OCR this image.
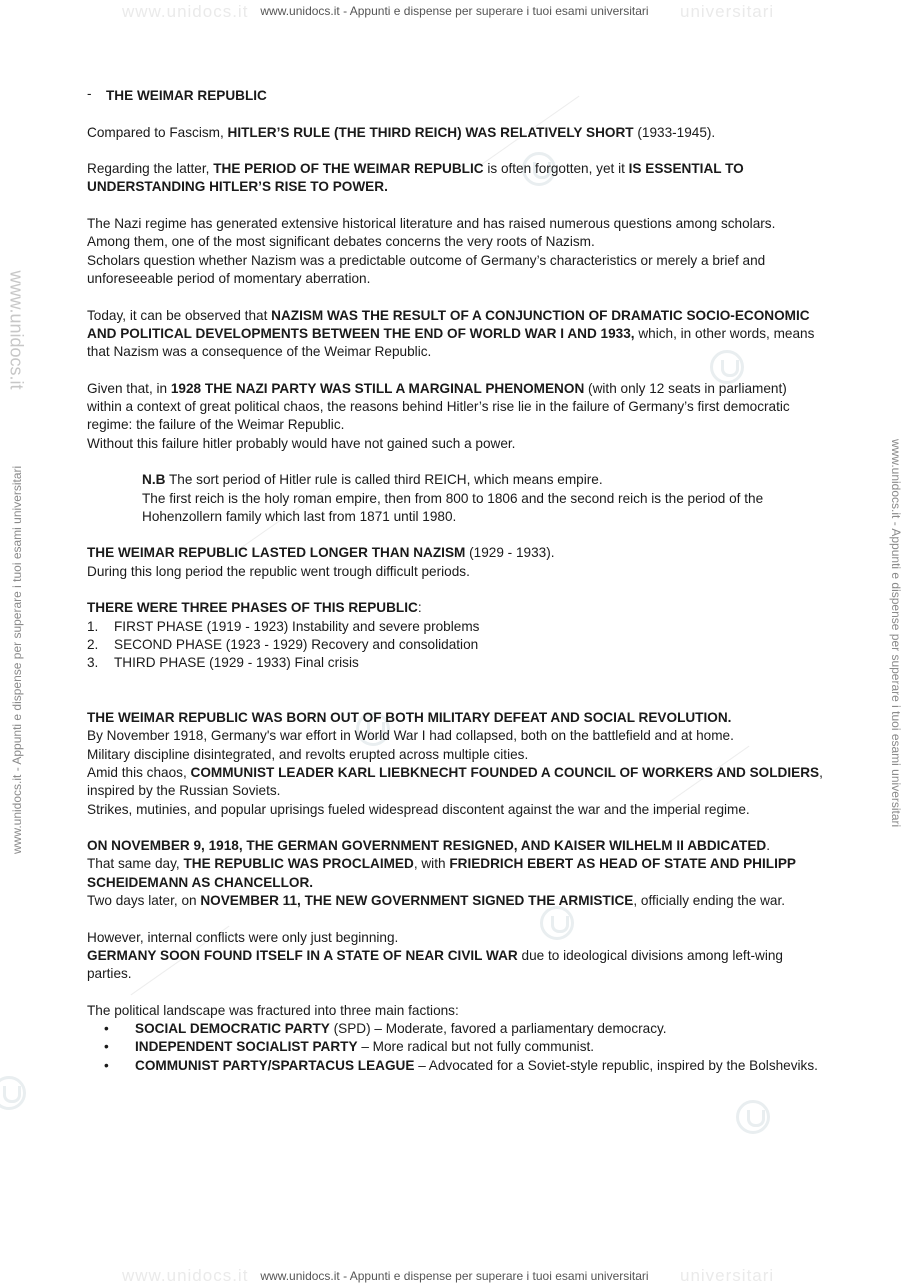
www.unidocs.it	universitari
www.unidocs.it - Appunti e dispense per superare i tuoi esami universitari
www.unidocs.it	universitari
www.unidocs.it - Appunti e dispense per superare i tuoi esami universitari
www.unidocs.it - Appunti e dispense per superare i tuoi esami universitari
www.unidocs.it
www.unidocs.it - Appunti e dispense per superare i tuoi esami universitari

- THE WEIMAR REPUBLIC

Compared to Fascism, HITLER’S RULE (THE THIRD REICH) WAS RELATIVELY SHORT (1933-1945).

Regarding the latter, THE PERIOD OF THE WEIMAR REPUBLIC is often forgotten, yet it IS ESSENTIAL TO UNDERSTANDING HITLER’S RISE TO POWER.

The Nazi regime has generated extensive historical literature and has raised numerous questions among scholars.
Among them, one of the most significant debates concerns the very roots of Nazism.
Scholars question whether Nazism was a predictable outcome of Germany’s characteristics or merely a brief and unforeseeable period of momentary aberration.

Today, it can be observed that NAZISM WAS THE RESULT OF A CONJUNCTION OF DRAMATIC SOCIO-ECONOMIC AND POLITICAL DEVELOPMENTS BETWEEN THE END OF WORLD WAR I AND 1933, which, in other words, means that Nazism was a consequence of the Weimar Republic.

Given that, in 1928 THE NAZI PARTY WAS STILL A MARGINAL PHENOMENON (with only 12 seats in parliament) within a context of great political chaos, the reasons behind Hitler’s rise lie in the failure of Germany’s first democratic regime: the failure of the Weimar Republic.
Without this failure hitler probably would have not gained such a power.

N.B The sort period of Hitler rule is called third REICH, which means empire.
The first reich is the holy roman empire, then from 800 to 1806 and the second reich is the period of the Hohenzollern family which last from 1871 until 1980.

THE WEIMAR REPUBLIC LASTED LONGER THAN NAZISM (1929 - 1933).
During this long period the republic went trough difficult periods.

THERE WERE THREE PHASES OF THIS REPUBLIC:

1. FIRST PHASE (1919 - 1923) Instability and severe problems
2. SECOND PHASE (1923 - 1929) Recovery and consolidation
3. THIRD PHASE (1929 - 1933) Final crisis

THE WEIMAR REPUBLIC WAS BORN OUT OF BOTH MILITARY DEFEAT AND SOCIAL REVOLUTION.
By November 1918, Germany's war effort in World War I had collapsed, both on the battlefield and at home.
Military discipline disintegrated, and revolts erupted across multiple cities.
Amid this chaos, COMMUNIST LEADER KARL LIEBKNECHT FOUNDED A COUNCIL OF WORKERS AND SOLDIERS, inspired by the Russian Soviets.
Strikes, mutinies, and popular uprisings fueled widespread discontent against the war and the imperial regime.

ON NOVEMBER 9, 1918, THE GERMAN GOVERNMENT RESIGNED, AND KAISER WILHELM II ABDICATED.
That same day, THE REPUBLIC WAS PROCLAIMED, with FRIEDRICH EBERT AS HEAD OF STATE AND PHILIPP SCHEIDEMANN AS CHANCELLOR.
Two days later, on NOVEMBER 11, THE NEW GOVERNMENT SIGNED THE ARMISTICE, officially ending the war.

However, internal conflicts were only just beginning.
GERMANY SOON FOUND ITSELF IN A STATE OF NEAR CIVIL WAR due to ideological divisions among left-wing parties.

The political landscape was fractured into three main factions:

• SOCIAL DEMOCRATIC PARTY (SPD) – Moderate, favored a parliamentary democracy.
• INDEPENDENT SOCIALIST PARTY – More radical but not fully communist.
• COMMUNIST PARTY/SPARTACUS LEAGUE – Advocated for a Soviet-style republic, inspired by the Bolsheviks.
